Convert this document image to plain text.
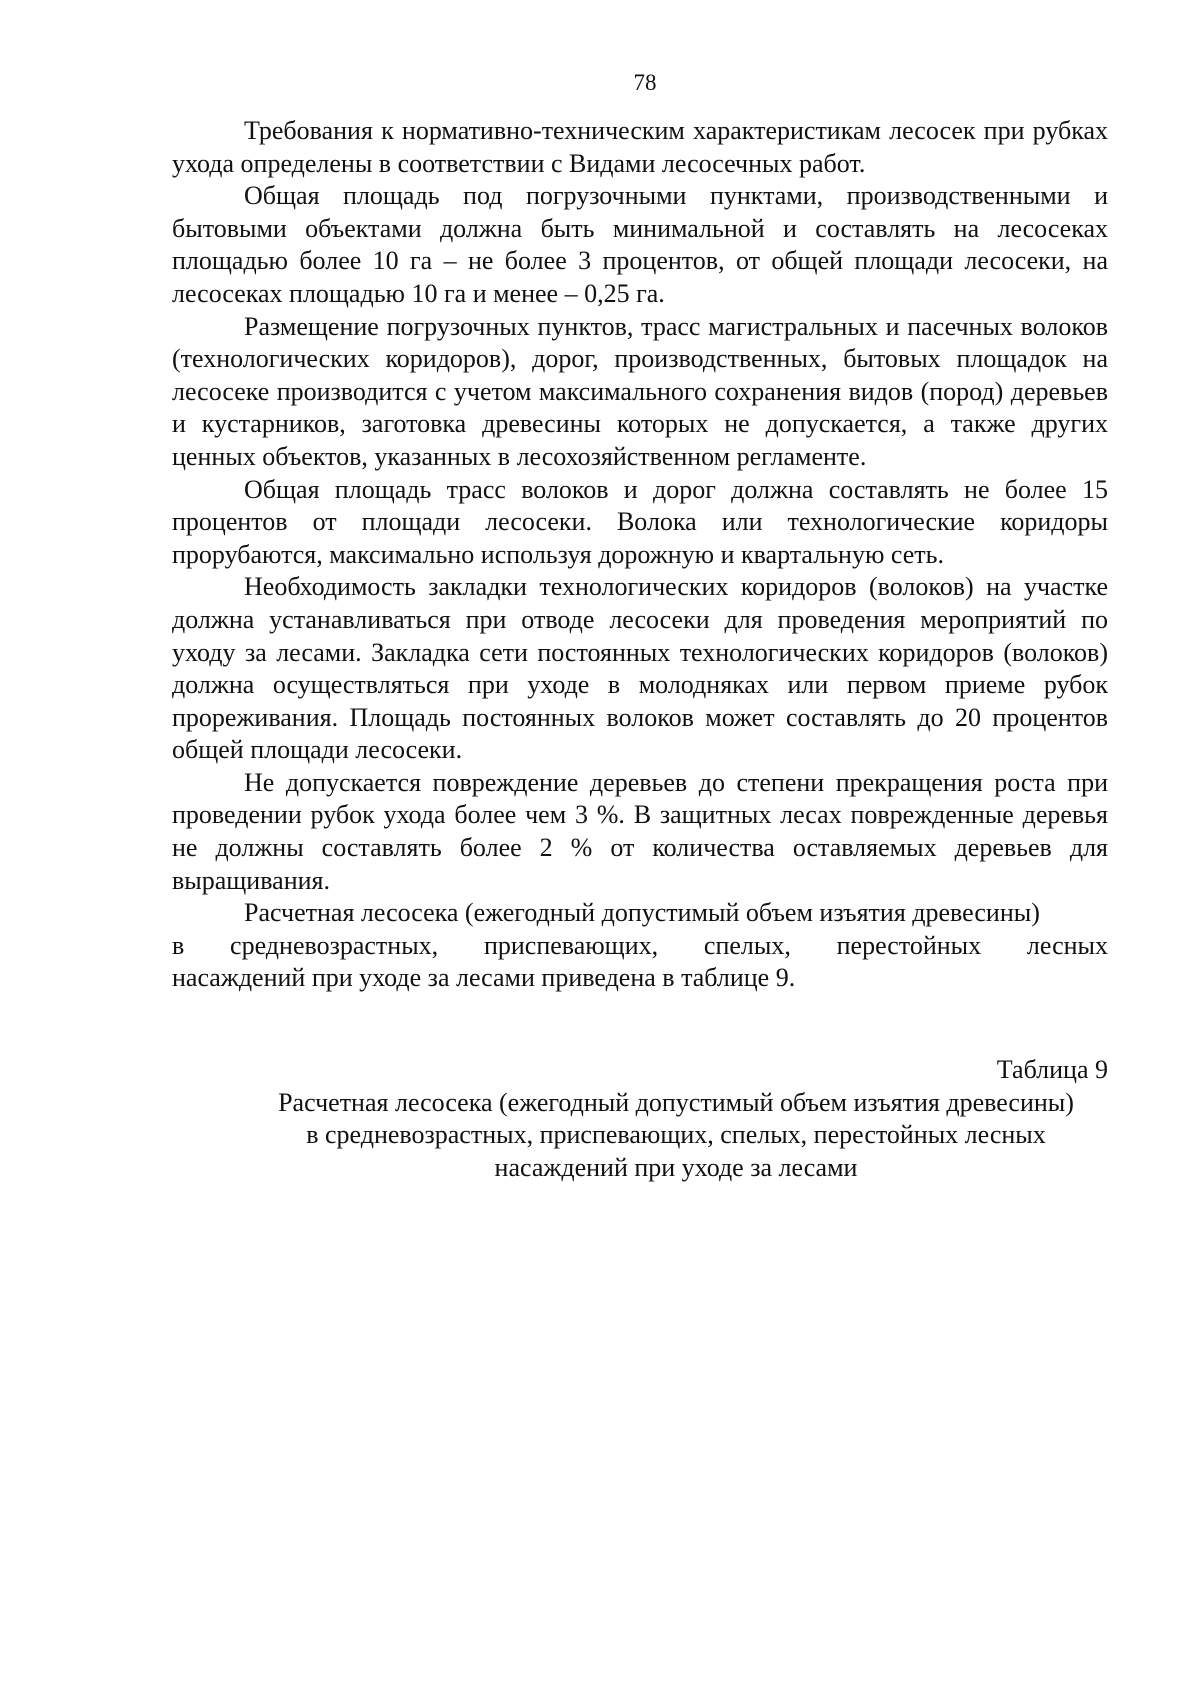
78

Требования к нормативно-техническим характеристикам лесосек при рубках ухода определены в соответствии с Видами лесосечных работ.

Общая площадь под погрузочными пунктами, производственными и бытовыми объектами должна быть минимальной и составлять на лесосеках площадью более 10 га – не более 3 процентов, от общей площади лесосеки, на лесосеках площадью 10 га и менее – 0,25 га.

Размещение погрузочных пунктов, трасс магистральных и пасечных волоков (технологических коридоров), дорог, производственных, бытовых площадок на лесосеке производится с учетом максимального сохранения видов (пород) деревьев и кустарников, заготовка древесины которых не допускается, а также других ценных объектов, указанных в лесохозяйственном регламенте.

Общая площадь трасс волоков и дорог должна составлять не более 15 процентов от площади лесосеки. Волока или технологические коридоры прорубаются, максимально используя дорожную и квартальную сеть.

Необходимость закладки технологических коридоров (волоков) на участке должна устанавливаться при отводе лесосеки для проведения мероприятий по уходу за лесами. Закладка сети постоянных технологических коридоров (волоков) должна осуществляться при уходе в молодняках или первом приеме рубок прореживания. Площадь постоянных волоков может составлять до 20 процентов общей площади лесосеки.

Не допускается повреждение деревьев до степени прекращения роста при проведении рубок ухода более чем 3 %. В защитных лесах поврежденные деревья не должны составлять более 2 % от количества оставляемых деревьев для выращивания.

Расчетная лесосека (ежегодный допустимый объем изъятия древесины)

в средневозрастных, приспевающих, спелых, перестойных лесных

насаждений при уходе за лесами приведена в таблице 9.

Таблица 9

Расчетная лесосека (ежегодный допустимый объем изъятия древесины)

в средневозрастных, приспевающих, спелых, перестойных лесных

насаждений при уходе за лесами
